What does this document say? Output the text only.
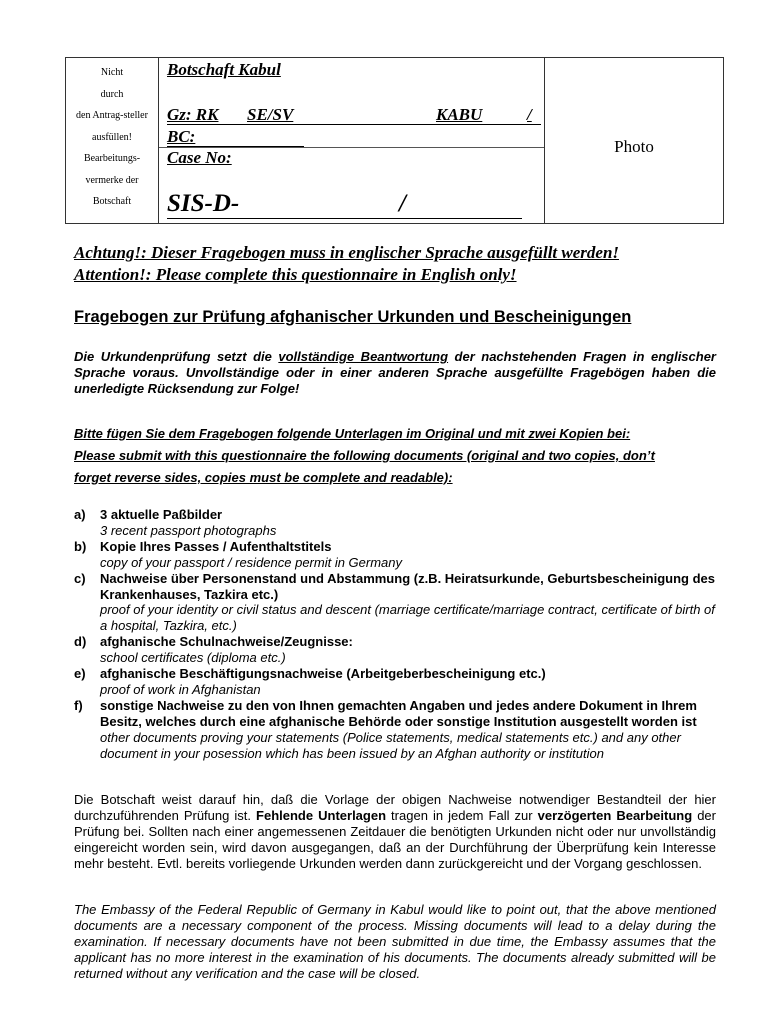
Nicht
durch
den Antrag-steller
ausfüllen!
Bearbeitungs-
vermerke der
Botschaft
Botschaft Kabul
Gz: RK SE/SV	KABU	/
BC:
Case No:
SIS-D-	/
Photo
Achtung!: Dieser Fragebogen muss in englischer Sprache ausgefüllt werden!
Attention!: Please complete this questionnaire in English only!
Fragebogen zur Prüfung afghanischer Urkunden und Bescheinigungen
Die Urkundenprüfung setzt die vollständige Beantwortung der nachstehenden Fragen in englischer Sprache voraus. Unvollständige oder in einer anderen Sprache ausgefüllte Fragebögen haben die unerledigte Rücksendung zur Folge!
Bitte fügen Sie dem Fragebogen folgende Unterlagen im Original und mit zwei Kopien bei:
Please submit with this questionnaire the following documents (original and two copies, don’t
forget reverse sides, copies must be complete and readable):
a)	3 aktuelle Paßbilder
3 recent passport photographs
b)	Kopie Ihres Passes / Aufenthaltstitels
copy of your passport / residence permit in Germany
c)	Nachweise über Personenstand und Abstammung (z.B. Heiratsurkunde, Geburtsbescheinigung des Krankenhauses, Tazkira etc.)
proof of your identity or civil status and descent (marriage certificate/marriage contract, certificate of birth of a hospital, Tazkira, etc.)
d)	afghanische Schulnachweise/Zeugnisse:
school certificates (diploma etc.)
e)	afghanische Beschäftigungsnachweise (Arbeitgeberbescheinigung etc.)
proof of work in Afghanistan
f)	sonstige Nachweise zu den von Ihnen gemachten Angaben und jedes andere Dokument in Ihrem Besitz, welches durch eine afghanische Behörde oder sonstige Institution ausgestellt worden ist
other documents proving your statements (Police statements, medical statements etc.) and any other document in your posession which has been issued by an Afghan authority or institution
Die Botschaft weist darauf hin, daß die Vorlage der obigen Nachweise notwendiger Bestandteil der hier durchzuführenden Prüfung ist. Fehlende Unterlagen tragen in jedem Fall zur verzögerten Bearbeitung der Prüfung bei. Sollten nach einer angemessenen Zeitdauer die benötigten Urkunden nicht oder nur unvollständig eingereicht worden sein, wird davon ausgegangen, daß an der Durchführung der Überprüfung kein Interesse mehr besteht. Evtl. bereits vorliegende Urkunden werden dann zurückgereicht und der Vorgang geschlossen.
The Embassy of the Federal Republic of Germany in Kabul would like to point out, that the above mentioned documents are a necessary component of the process. Missing documents will lead to a delay during the examination. If necessary documents have not been submitted in due time, the Embassy assumes that the applicant has no more interest in the examination of his documents. The documents already submitted will be returned without any verification and the case will be closed.
